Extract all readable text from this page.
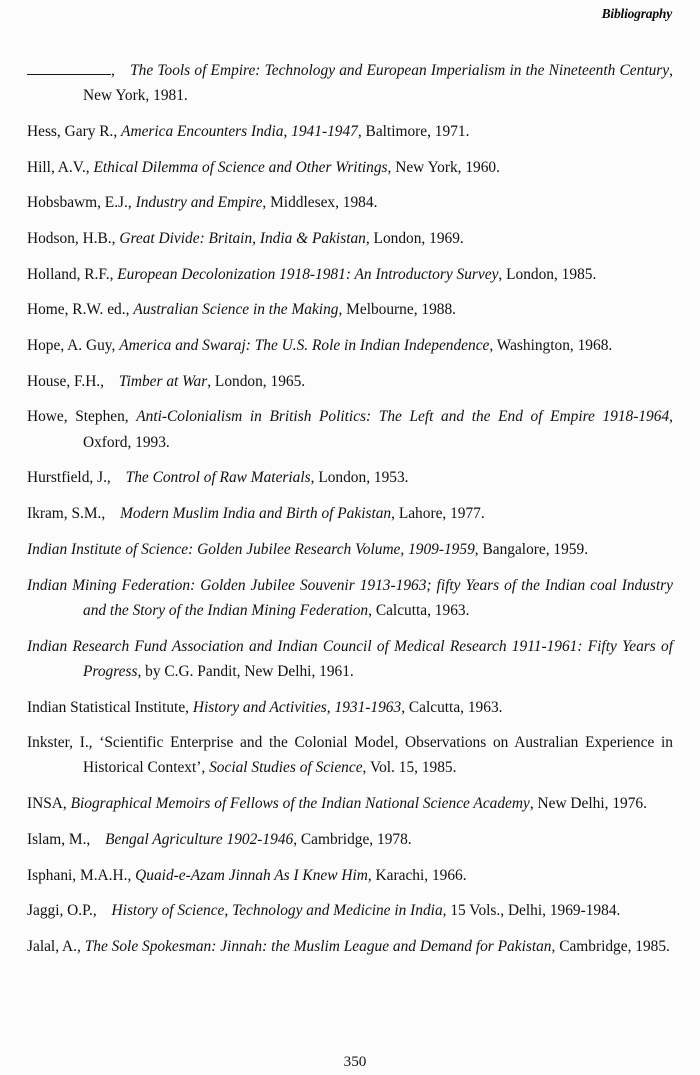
Bibliography

, The Tools of Empire: Technology and European Imperialism in the Nineteenth Century, New York, 1981.

Hess, Gary R., America Encounters India, 1941-1947, Baltimore, 1971.

Hill, A.V., Ethical Dilemma of Science and Other Writings, New York, 1960.

Hobsbawm, E.J., Industry and Empire, Middlesex, 1984.

Hodson, H.B., Great Divide: Britain, India & Pakistan, London, 1969.

Holland, R.F., European Decolonization 1918-1981: An Introductory Survey, London, 1985.

Home, R.W. ed., Australian Science in the Making, Melbourne, 1988.

Hope, A. Guy, America and Swaraj: The U.S. Role in Indian Independence, Washington, 1968.

House, F.H., Timber at War, London, 1965.

Howe, Stephen, Anti-Colonialism in British Politics: The Left and the End of Empire 1918-1964, Oxford, 1993.

Hurstfield, J., The Control of Raw Materials, London, 1953.

Ikram, S.M., Modern Muslim India and Birth of Pakistan, Lahore, 1977.

Indian Institute of Science: Golden Jubilee Research Volume, 1909-1959, Bangalore, 1959.

Indian Mining Federation: Golden Jubilee Souvenir 1913-1963; fifty Years of the Indian coal Industry and the Story of the Indian Mining Federation, Calcutta, 1963.

Indian Research Fund Association and Indian Council of Medical Research 1911-1961: Fifty Years of Progress, by C.G. Pandit, New Delhi, 1961.

Indian Statistical Institute, History and Activities, 1931-1963, Calcutta, 1963.

Inkster, I., ‘Scientific Enterprise and the Colonial Model, Observations on Australian Experience in Historical Context’, Social Studies of Science, Vol. 15, 1985.

INSA, Biographical Memoirs of Fellows of the Indian National Science Academy, New Delhi, 1976.

Islam, M., Bengal Agriculture 1902-1946, Cambridge, 1978.

Isphani, M.A.H., Quaid-e-Azam Jinnah As I Knew Him, Karachi, 1966.

Jaggi, O.P., History of Science, Technology and Medicine in India, 15 Vols., Delhi, 1969-1984.

Jalal, A., The Sole Spokesman: Jinnah: the Muslim League and Demand for Pakistan, Cambridge, 1985.

350
